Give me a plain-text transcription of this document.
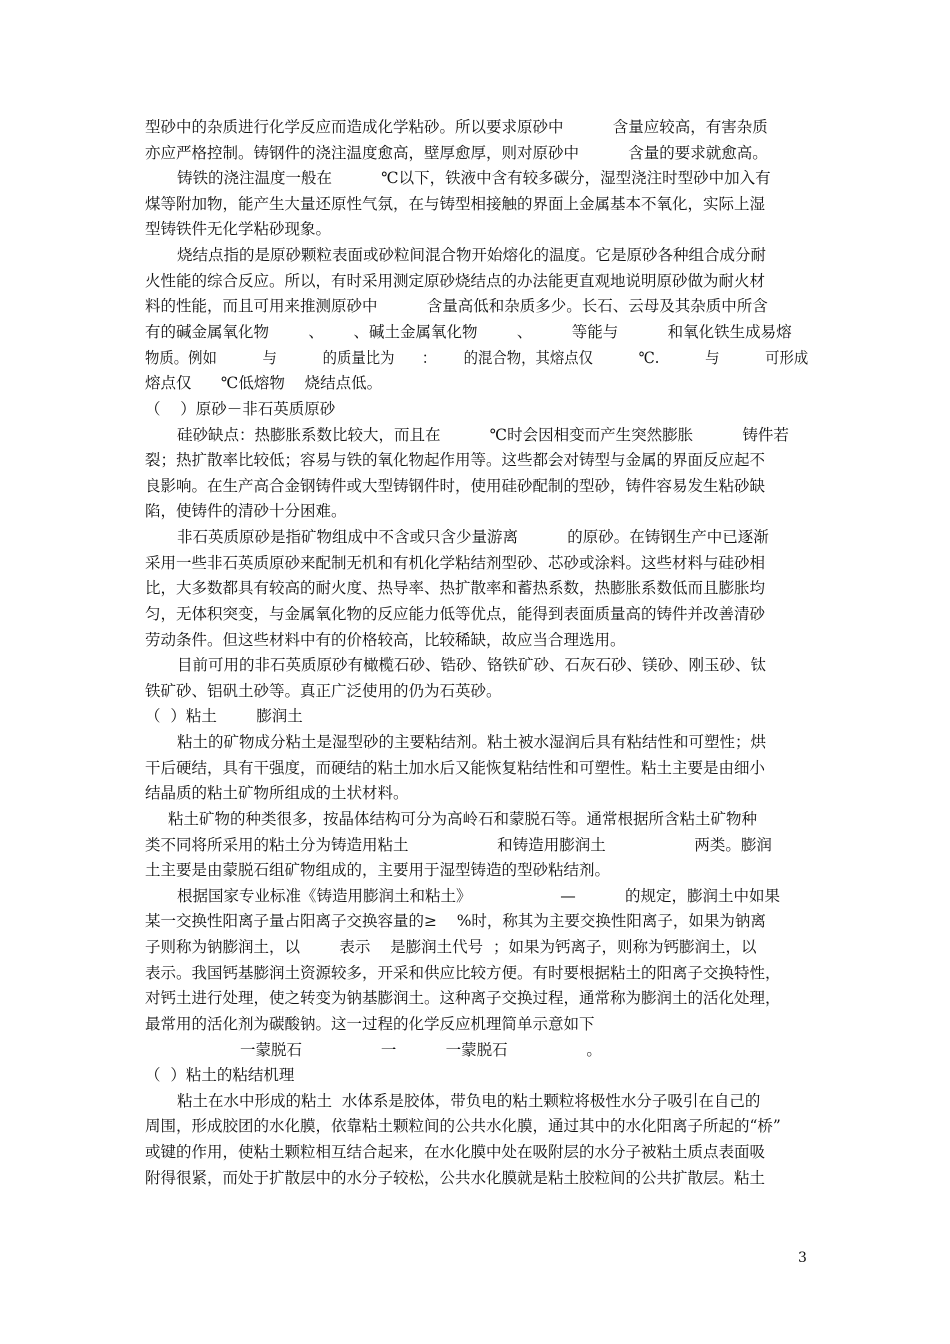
型砂中的杂质进行化学反应而造成化学粘砂。所以要求原砂中          含量应较高，有害杂质
亦应严格控制。铸钢件的浇注温度愈高，壁厚愈厚，则对原砂中          含量的要求就愈高。
铸铁的浇注温度一般在          ℃以下，铁液中含有较多碳分，湿型浇注时型砂中加入有
煤等附加物，能产生大量还原性气氛，在与铸型相接触的界面上金属基本不氧化，实际上湿
型铸铁件无化学粘砂现象。
烧结点指的是原砂颗粒表面或砂粒间混合物开始熔化的温度。它是原砂各种组合成分耐
火性能的综合反应。所以，有时采用测定原砂烧结点的办法能更直观地说明原砂做为耐火材
料的性能，而且可用来推测原砂中          含量高低和杂质多少。长石、云母及其杂质中所含
有的碱金属氧化物        、      、碱土金属氧化物        、        等能与          和氧化铁生成易熔
物质。例如          与          的质量比为      ：      的混合物，其熔点仅          ℃.          与          可形成
熔点仅      ℃低熔物    烧结点低。
（    ）原砂－非石英质原砂
硅砂缺点：热膨胀系数比较大，而且在          ℃时会因相变而产生突然膨胀          铸件若
裂；热扩散率比较低；容易与铁的氧化物起作用等。这些都会对铸型与金属的界面反应起不
良影响。在生产高合金钢铸件或大型铸钢件时，使用硅砂配制的型砂，铸件容易发生粘砂缺
陷，使铸件的清砂十分困难。
非石英质原砂是指矿物组成中不含或只含少量游离          的原砂。在铸钢生产中已逐渐
采用一些非石英质原砂来配制无机和有机化学粘结剂型砂、芯砂或涂料。这些材料与硅砂相
比，大多数都具有较高的耐火度、热导率、热扩散率和蓄热系数，热膨胀系数低而且膨胀均
匀，无体积突变，与金属氧化物的反应能力低等优点，能得到表面质量高的铸件并改善清砂
劳动条件。但这些材料中有的价格较高，比较稀缺，故应当合理选用。
目前可用的非石英质原砂有橄榄石砂、锆砂、铬铁矿砂、石灰石砂、镁砂、刚玉砂、钛
铁矿砂、铝矾土砂等。真正广泛使用的仍为石英砂。
（  ）粘土        膨润土
粘土的矿物成分粘土是湿型砂的主要粘结剂。粘土被水湿润后具有粘结性和可塑性；烘
干后硬结，具有干强度，而硬结的粘土加水后又能恢复粘结性和可塑性。粘土主要是由细小
结晶质的粘土矿物所组成的土状材料。
粘土矿物的种类很多，按晶体结构可分为高岭石和蒙脱石等。通常根据所含粘土矿物种
类不同将所采用的粘土分为铸造用粘土                  和铸造用膨润土                  两类。膨润
土主要是由蒙脱石组矿物组成的，主要用于湿型铸造的型砂粘结剂。
根据国家专业标准《铸造用膨润土和粘土》                  —          的规定，膨润土中如果
某一交换性阳离子量占阳离子交换容量的≥    %时，称其为主要交换性阳离子，如果为钠离
子则称为钠膨润土，以        表示    是膨润土代号  ；如果为钙离子，则称为钙膨润土，以
表示。我国钙基膨润土资源较多，开采和供应比较方便。有时要根据粘土的阳离子交换特性，
对钙土进行处理，使之转变为钠基膨润土。这种离子交换过程，通常称为膨润土的活化处理，
最常用的活化剂为碳酸钠。这一过程的化学反应机理简单示意如下
一蒙脱石                一          一蒙脱石                。
（  ）粘土的粘结机理
粘土在水中形成的粘土  水体系是胶体，带负电的粘土颗粒将极性水分子吸引在自己的
周围，形成胶团的水化膜，依靠粘土颗粒间的公共水化膜，通过其中的水化阳离子所起的“桥”
或键的作用，使粘土颗粒相互结合起来，在水化膜中处在吸附层的水分子被粘土质点表面吸
附得很紧，而处于扩散层中的水分子较松，公共水化膜就是粘土胶粒间的公共扩散层。粘土
3
